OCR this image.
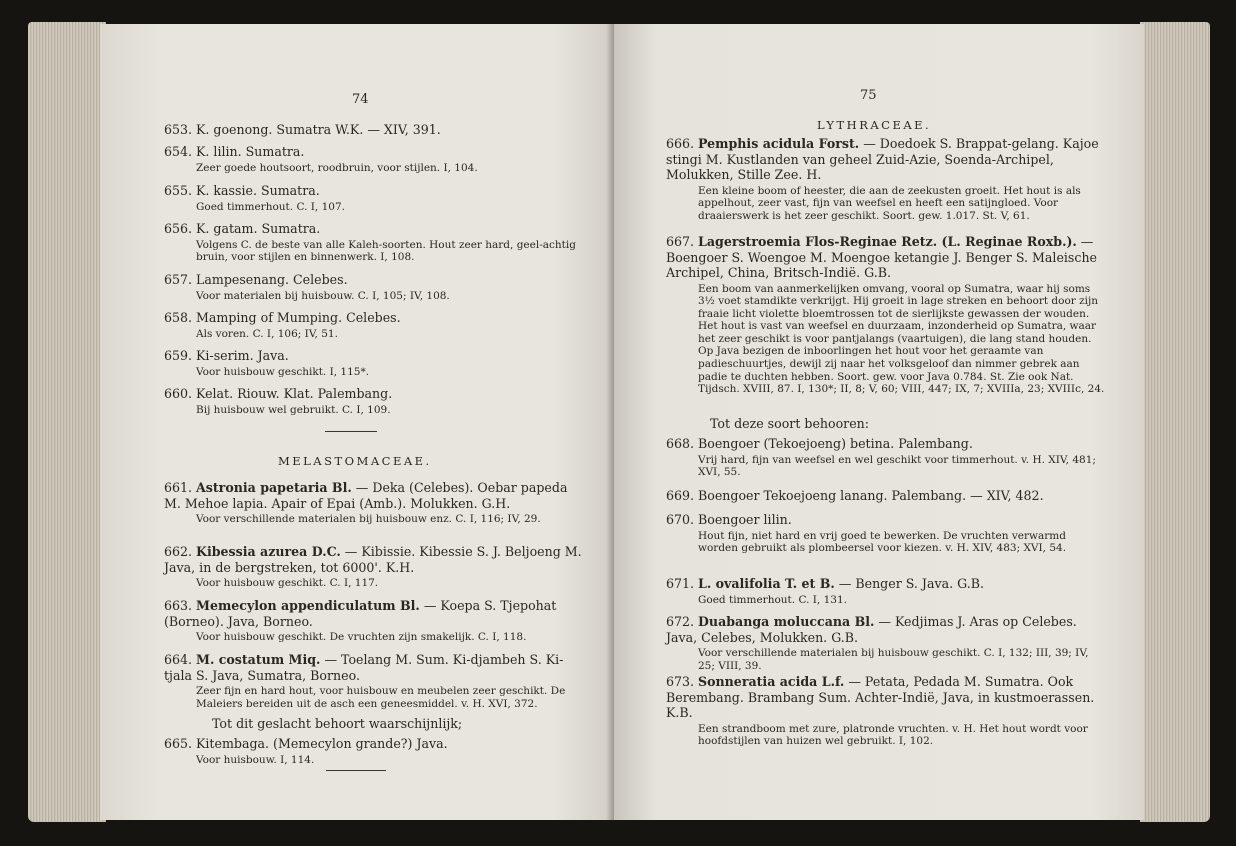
74
653. K. goenong. Sumatra W.K. — XIV, 391.
654. K. lilin. Sumatra.
Zeer goede houtsoort, roodbruin, voor stijlen. I, 104.
655. K. kassie. Sumatra.
Goed timmerhout. C. I, 107.
656. K. gatam. Sumatra.
Volgens C. de beste van alle Kaleh-soorten. Hout zeer hard, geel-achtig bruin, voor stijlen en binnenwerk. I, 108.
657. Lampesenang. Celebes.
Voor materialen bij huisbouw. C. I, 105; IV, 108.
658. Mamping of Mumping. Celebes.
Als voren. C. I, 106; IV, 51.
659. Ki-serim. Java.
Voor huisbouw geschikt. I, 115*.
660. Kelat. Riouw. Klat. Palembang.
Bij huisbouw wel gebruikt. C. I, 109.
MELASTOMACEAE.
661. Astronia papetaria Bl. — Deka (Celebes). Oebar papeda M. Mehoe lapia. Apair of Epai (Amb.). Molukken. G.H.
Voor verschillende materialen bij huisbouw enz. C. I, 116; IV, 29.
662. Kibessia azurea D.C. — Kibissie. Kibessie S. J. Beljoeng M. Java, in de bergstreken, tot 6000'. K.H.
Voor huisbouw geschikt. C. I, 117.
663. Memecylon appendiculatum Bl. — Koepa S. Tjepohat (Borneo). Java, Borneo.
Voor huisbouw geschikt. De vruchten zijn smakelijk. C. I, 118.
664. M. costatum Miq. — Toelang M. Sum. Ki-djambeh S. Ki-tjala S. Java, Sumatra, Borneo.
Zeer fijn en hard hout, voor huisbouw en meubelen zeer geschikt. De Maleiers bereiden uit de asch een geneesmiddel. v. H. XVI, 372.
Tot dit geslacht behoort waarschijnlijk;
665. Kitembaga. (Memecylon grande?) Java.
Voor huisbouw. I, 114.
75
LYTHRACEAE.
666. Pemphis acidula Forst. — Doedoek S. Brappat-gelang. Kajoe stingi M. Kustlanden van geheel Zuid-Azie, Soenda-Archipel, Molukken, Stille Zee. H.
Een kleine boom of heester, die aan de zeekusten groeit. Het hout is als appelhout, zeer vast, fijn van weefsel en heeft een satijngloed. Voor draaierswerk is het zeer geschikt. Soort. gew. 1.017. St. V, 61.
667. Lagerstroemia Flos-Reginae Retz. (L. Reginae Roxb.). — Boengoer S. Woengoe M. Moengoe ketangie J. Benger S. Maleische Archipel, China, Britsch-Indië. G.B.
Een boom van aanmerkelijken omvang, vooral op Sumatra, waar hij soms 3½ voet stamdikte verkrijgt. Hij groeit in lage streken en behoort door zijn fraaie licht violette bloemtrossen tot de sierlijkste gewassen der wouden. Het hout is vast van weefsel en duurzaam, inzonderheid op Sumatra, waar het zeer geschikt is voor pantjalangs (vaartuigen), die lang stand houden. Op Java bezigen de inboorlingen het hout voor het geraamte van padieschuurtjes, dewijl zij naar het volksgeloof dan nimmer gebrek aan padie te duchten hebben. Soort. gew. voor Java 0.784. St. Zie ook Nat. Tijdsch. XVIII, 87. I, 130*; II, 8; V, 60; VIII, 447; IX, 7; XVIIIa, 23; XVIIIc, 24.
Tot deze soort behooren:
668. Boengoer (Tekoejoeng) betina. Palembang.
Vrij hard, fijn van weefsel en wel geschikt voor timmerhout. v. H. XIV, 481; XVI, 55.
669. Boengoer Tekoejoeng lanang. Palembang. — XIV, 482.
670. Boengoer lilin.
Hout fijn, niet hard en vrij goed te bewerken. De vruchten verwarmd worden gebruikt als plombeersel voor kiezen. v. H. XIV, 483; XVI, 54.
671. L. ovalifolia T. et B. — Benger S. Java. G.B.
Goed timmerhout. C. I, 131.
672. Duabanga moluccana Bl. — Kedjimas J. Aras op Celebes. Java, Celebes, Molukken. G.B.
Voor verschillende materialen bij huisbouw geschikt. C. I, 132; III, 39; IV, 25; VIII, 39.
673. Sonneratia acida L.f. — Petata, Pedada M. Sumatra. Ook Berembang. Brambang Sum. Achter-Indië, Java, in kustmoerassen. K.B.
Een strandboom met zure, platronde vruchten. v. H. Het hout wordt voor hoofdstijlen van huizen wel gebruikt. I, 102.
